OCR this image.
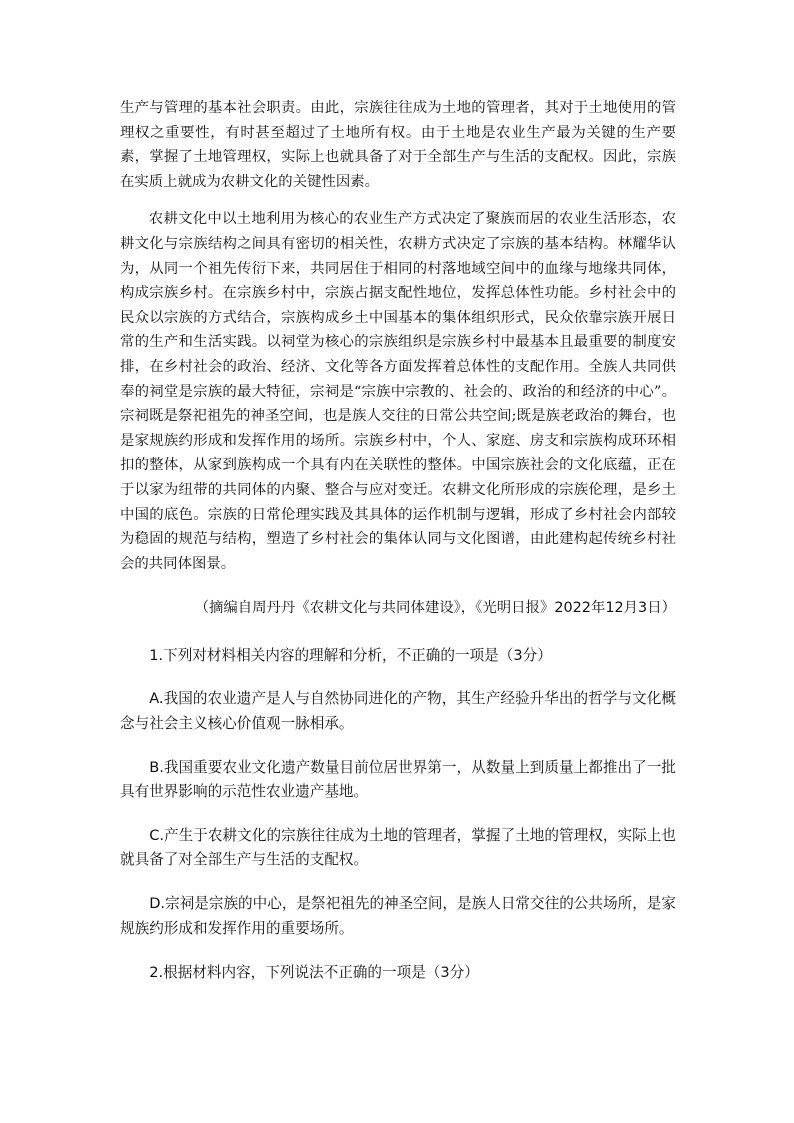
生产与管理的基本社会职责。由此，宗族往往成为土地的管理者，其对于土地使用的管理权之重要性，有时甚至超过了土地所有权。由于土地是农业生产最为关键的生产要素，掌握了土地管理权，实际上也就具备了对于全部生产与生活的支配权。因此，宗族在实质上就成为农耕文化的关键性因素。

农耕文化中以土地利用为核心的农业生产方式决定了聚族而居的农业生活形态，农耕文化与宗族结构之间具有密切的相关性，农耕方式决定了宗族的基本结构。林耀华认为，从同一个祖先传衍下来，共同居住于相同的村落地域空间中的血缘与地缘共同体，构成宗族乡村。在宗族乡村中，宗族占据支配性地位，发挥总体性功能。乡村社会中的民众以宗族的方式结合，宗族构成乡土中国基本的集体组织形式，民众依靠宗族开展日常的生产和生活实践。以祠堂为核心的宗族组织是宗族乡村中最基本且最重要的制度安排，在乡村社会的政治、经济、文化等各方面发挥着总体性的支配作用。全族人共同供奉的祠堂是宗族的最大特征，宗祠是“宗族中宗教的、社会的、政治的和经济的中心”。宗祠既是祭祀祖先的神圣空间，也是族人交往的日常公共空间;既是族老政治的舞台，也是家规族约形成和发挥作用的场所。宗族乡村中，个人、家庭、房支和宗族构成环环相扣的整体，从家到族构成一个具有内在关联性的整体。中国宗族社会的文化底蕴，正在于以家为纽带的共同体的内聚、整合与应对变迁。农耕文化所形成的宗族伦理，是乡土中国的底色。宗族的日常伦理实践及其具体的运作机制与逻辑，形成了乡村社会内部较为稳固的规范与结构，塑造了乡村社会的集体认同与文化图谱，由此建构起传统乡村社会的共同体图景。

（摘编自周丹丹《农耕文化与共同体建设》，《光明日报》2022年12月3日）

1.下列对材料相关内容的理解和分析，不正确的一项是（3分）

A.我国的农业遗产是人与自然协同进化的产物，其生产经验升华出的哲学与文化概念与社会主义核心价值观一脉相承。

B.我国重要农业文化遗产数量目前位居世界第一，从数量上到质量上都推出了一批具有世界影响的示范性农业遗产基地。

C.产生于农耕文化的宗族往往成为土地的管理者，掌握了土地的管理权，实际上也就具备了对全部生产与生活的支配权。

D.宗祠是宗族的中心，是祭祀祖先的神圣空间，是族人日常交往的公共场所，是家规族约形成和发挥作用的重要场所。

2.根据材料内容，下列说法不正确的一项是（3分）
